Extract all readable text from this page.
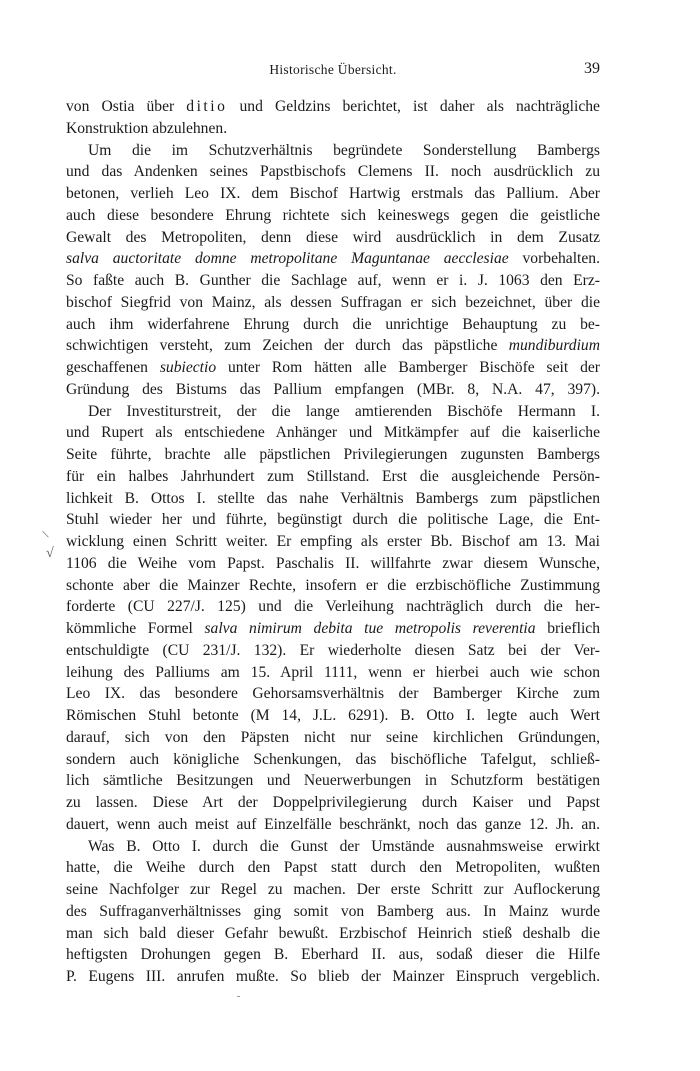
Historische Übersicht.	39
von Ostia über ditio und Geldzins berichtet, ist daher als nachträgliche
Konstruktion abzulehnen.
Um die im Schutzverhältnis begründete Sonderstellung Bambergs
und das Andenken seines Papstbischofs Clemens II. noch ausdrücklich zu
betonen, verlieh Leo IX. dem Bischof Hartwig erstmals das Pallium. Aber
auch diese besondere Ehrung richtete sich keineswegs gegen die geistliche
Gewalt des Metropoliten, denn diese wird ausdrücklich in dem Zusatz
salva auctoritate domne metropolitane Maguntanae aecclesiae vorbehalten.
So faßte auch B. Gunther die Sachlage auf, wenn er i. J. 1063 den Erz-
bischof Siegfrid von Mainz, als dessen Suffragan er sich bezeichnet, über die
auch ihm widerfahrene Ehrung durch die unrichtige Behauptung zu be-
schwichtigen versteht, zum Zeichen der durch das päpstliche mundiburdium
geschaffenen subiectio unter Rom hätten alle Bamberger Bischöfe seit der
Gründung des Bistums das Pallium empfangen (MBr. 8, N.A. 47, 397).
Der Investiturstreit, der die lange amtierenden Bischöfe Hermann I.
und Rupert als entschiedene Anhänger und Mitkämpfer auf die kaiserliche
Seite führte, brachte alle päpstlichen Privilegierungen zugunsten Bambergs
für ein halbes Jahrhundert zum Stillstand. Erst die ausgleichende Persön-
lichkeit B. Ottos I. stellte das nahe Verhältnis Bambergs zum päpstlichen
Stuhl wieder her und führte, begünstigt durch die politische Lage, die Ent-
wicklung einen Schritt weiter. Er empfing als erster Bb. Bischof am 13. Mai
1106 die Weihe vom Papst. Paschalis II. willfahrte zwar diesem Wunsche,
schonte aber die Mainzer Rechte, insofern er die erzbischöfliche Zustimmung
forderte (CU 227/J. 125) und die Verleihung nachträglich durch die her-
kömmliche Formel salva nimirum debita tue metropolis reverentia brieflich
entschuldigte (CU 231/J. 132). Er wiederholte diesen Satz bei der Ver-
leihung des Palliums am 15. April 1111, wenn er hierbei auch wie schon
Leo IX. das besondere Gehorsamsverhältnis der Bamberger Kirche zum
Römischen Stuhl betonte (M 14, J.L. 6291). B. Otto I. legte auch Wert
darauf, sich von den Päpsten nicht nur seine kirchlichen Gründungen,
sondern auch königliche Schenkungen, das bischöfliche Tafelgut, schließ-
lich sämtliche Besitzungen und Neuerwerbungen in Schutzform bestätigen
zu lassen. Diese Art der Doppelprivilegierung durch Kaiser und Papst
dauert, wenn auch meist auf Einzelfälle beschränkt, noch das ganze 12. Jh. an.
Was B. Otto I. durch die Gunst der Umstände ausnahmsweise erwirkt
hatte, die Weihe durch den Papst statt durch den Metropoliten, wußten
seine Nachfolger zur Regel zu machen. Der erste Schritt zur Auflockerung
des Suffraganverhältnisses ging somit von Bamberg aus. In Mainz wurde
man sich bald dieser Gefahr bewußt. Erzbischof Heinrich stieß deshalb die
heftigsten Drohungen gegen B. Eberhard II. aus, sodaß dieser die Hilfe
P. Eugens III. anrufen mußte. So blieb der Mainzer Einspruch vergeblich.
\
√
